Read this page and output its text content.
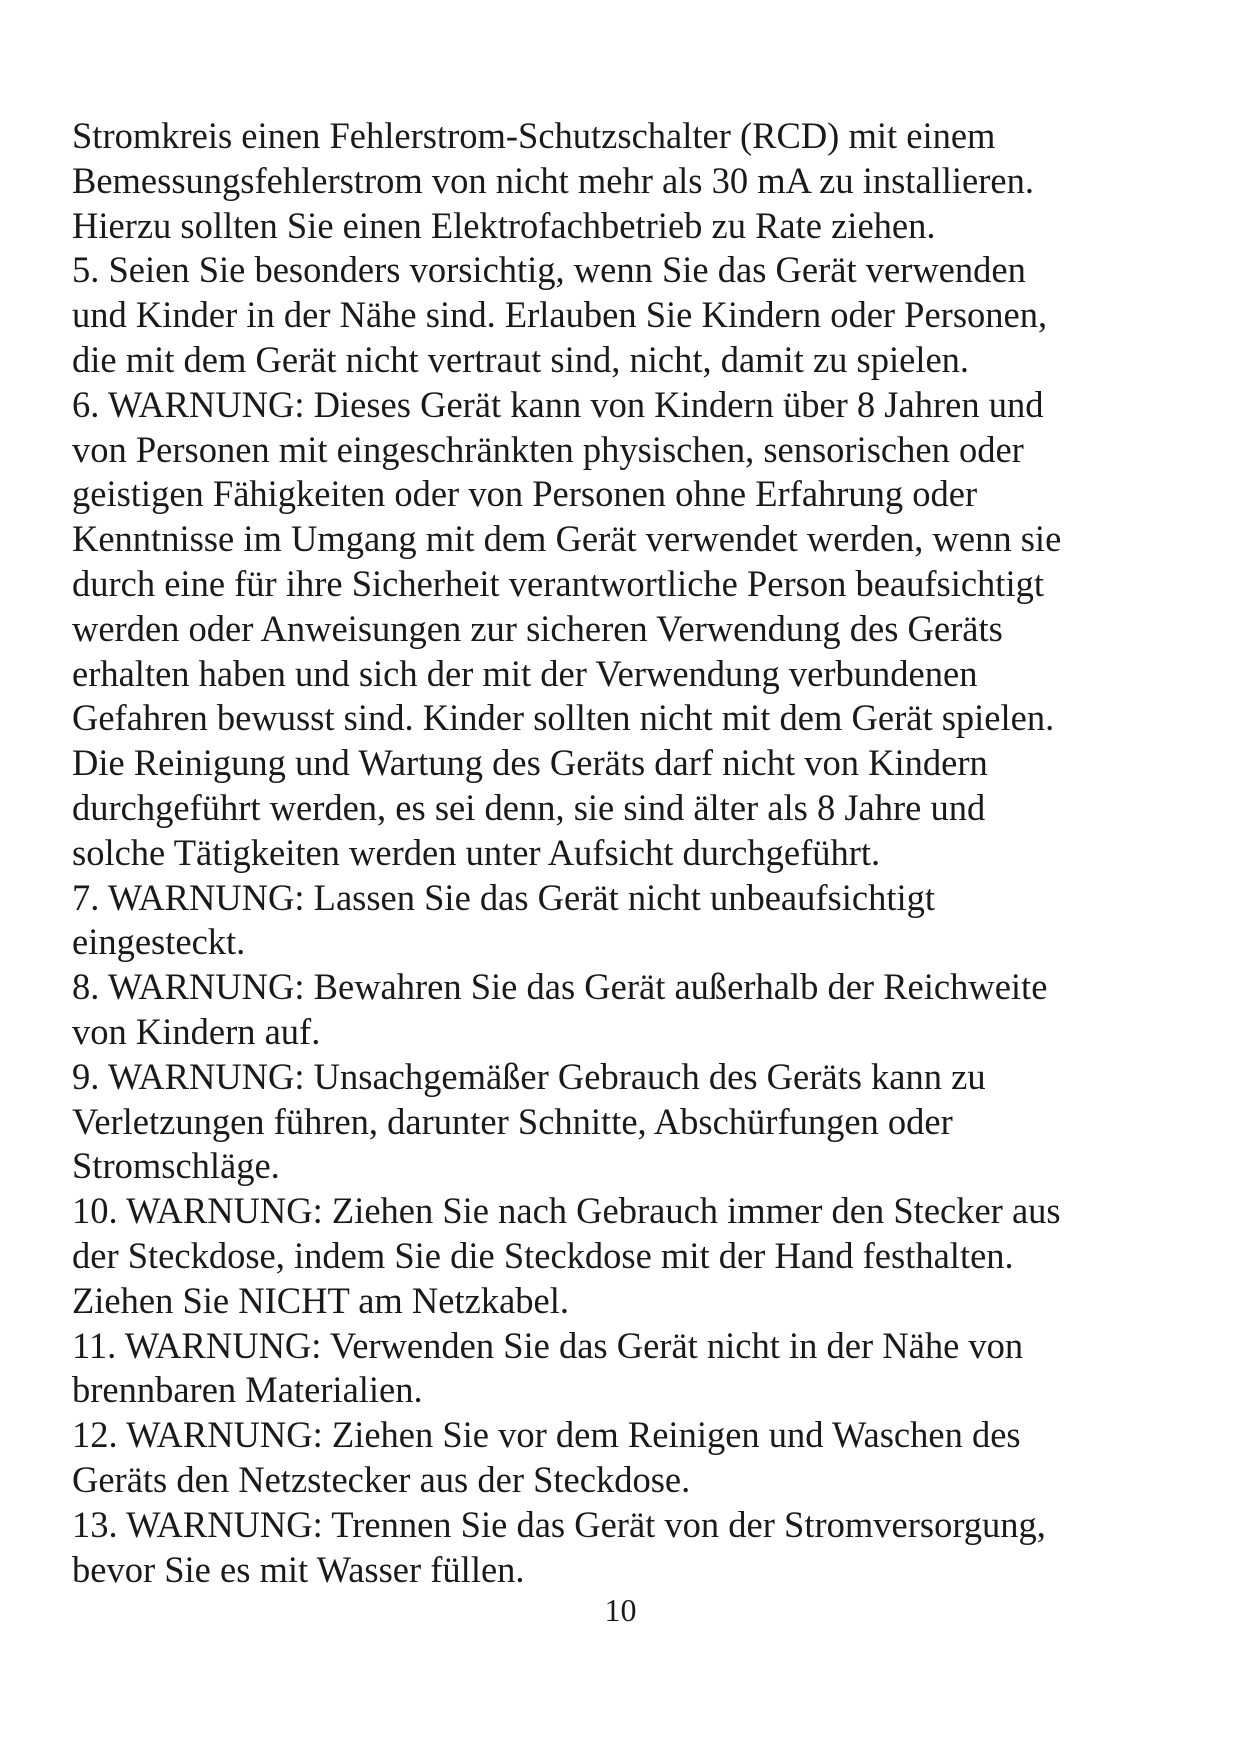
Stromkreis einen Fehlerstrom-Schutzschalter (RCD) mit einem
Bemessungsfehlerstrom von nicht mehr als 30 mA zu installieren.
Hierzu sollten Sie einen Elektrofachbetrieb zu Rate ziehen.
5. Seien Sie besonders vorsichtig, wenn Sie das Gerät verwenden
und Kinder in der Nähe sind. Erlauben Sie Kindern oder Personen,
die mit dem Gerät nicht vertraut sind, nicht, damit zu spielen.
6. WARNUNG: Dieses Gerät kann von Kindern über 8 Jahren und
von Personen mit eingeschränkten physischen, sensorischen oder
geistigen Fähigkeiten oder von Personen ohne Erfahrung oder
Kenntnisse im Umgang mit dem Gerät verwendet werden, wenn sie
durch eine für ihre Sicherheit verantwortliche Person beaufsichtigt
werden oder Anweisungen zur sicheren Verwendung des Geräts
erhalten haben und sich der mit der Verwendung verbundenen
Gefahren bewusst sind. Kinder sollten nicht mit dem Gerät spielen.
Die Reinigung und Wartung des Geräts darf nicht von Kindern
durchgeführt werden, es sei denn, sie sind älter als 8 Jahre und
solche Tätigkeiten werden unter Aufsicht durchgeführt.
7. WARNUNG: Lassen Sie das Gerät nicht unbeaufsichtigt
eingesteckt.
8. WARNUNG: Bewahren Sie das Gerät außerhalb der Reichweite
von Kindern auf.
9. WARNUNG: Unsachgemäßer Gebrauch des Geräts kann zu
Verletzungen führen, darunter Schnitte, Abschürfungen oder
Stromschläge.
10. WARNUNG: Ziehen Sie nach Gebrauch immer den Stecker aus
der Steckdose, indem Sie die Steckdose mit der Hand festhalten.
Ziehen Sie NICHT am Netzkabel.
11. WARNUNG: Verwenden Sie das Gerät nicht in der Nähe von
brennbaren Materialien.
12. WARNUNG: Ziehen Sie vor dem Reinigen und Waschen des
Geräts den Netzstecker aus der Steckdose.
13. WARNUNG: Trennen Sie das Gerät von der Stromversorgung,
bevor Sie es mit Wasser füllen.
10
